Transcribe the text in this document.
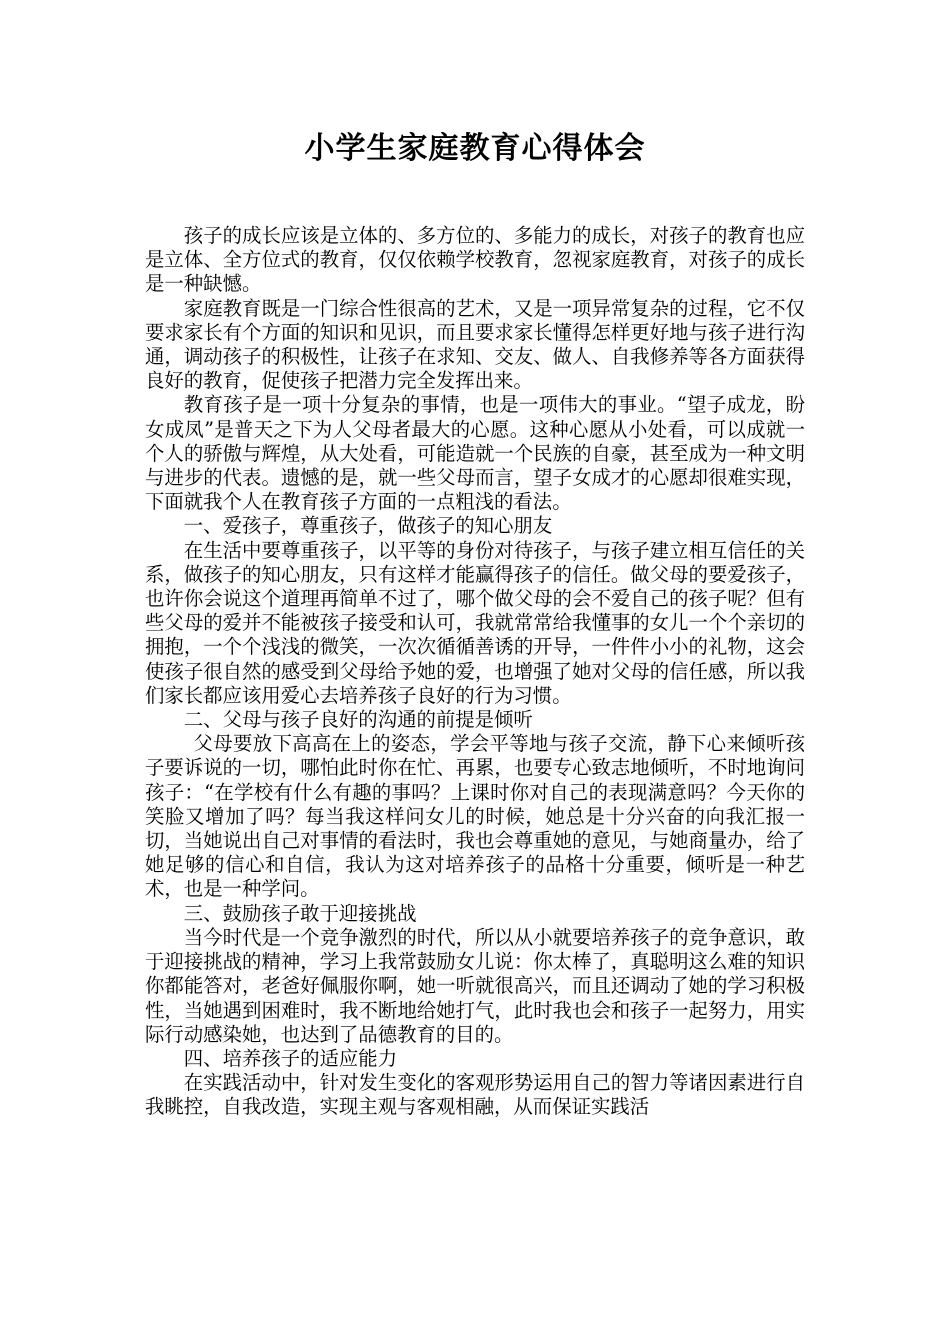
小学生家庭教育心得体会

孩子的成长应该是立体的、多方位的、多能力的成长，对孩子的教育也应是立体、全方位式的教育，仅仅依赖学校教育，忽视家庭教育，对孩子的成长是一种缺憾。

家庭教育既是一门综合性很高的艺术，又是一项异常复杂的过程，它不仅要求家长有个方面的知识和见识，而且要求家长懂得怎样更好地与孩子进行沟通，调动孩子的积极性，让孩子在求知、交友、做人、自我修养等各方面获得良好的教育，促使孩子把潜力完全发挥出来。

教育孩子是一项十分复杂的事情，也是一项伟大的事业。“望子成龙，盼女成凤”是普天之下为人父母者最大的心愿。这种心愿从小处看，可以成就一个人的骄傲与辉煌，从大处看，可能造就一个民族的自豪，甚至成为一种文明与进步的代表。遗憾的是，就一些父母而言，望子女成才的心愿却很难实现，下面就我个人在教育孩子方面的一点粗浅的看法。

一、爱孩子，尊重孩子，做孩子的知心朋友

在生活中要尊重孩子，以平等的身份对待孩子，与孩子建立相互信任的关系，做孩子的知心朋友，只有这样才能赢得孩子的信任。做父母的要爱孩子，也许你会说这个道理再简单不过了，哪个做父母的会不爱自己的孩子呢？但有些父母的爱并不能被孩子接受和认可，我就常常给我懂事的女儿一个个亲切的拥抱，一个个浅浅的微笑，一次次循循善诱的开导，一件件小小的礼物，这会使孩子很自然的感受到父母给予她的爱，也增强了她对父母的信任感，所以我们家长都应该用爱心去培养孩子良好的行为习惯。

二、父母与孩子良好的沟通的前提是倾听

父母要放下高高在上的姿态，学会平等地与孩子交流，静下心来倾听孩子要诉说的一切，哪怕此时你在忙、再累，也要专心致志地倾听，不时地询问孩子：“在学校有什么有趣的事吗？上课时你对自己的表现满意吗？今天你的笑脸又增加了吗？每当我这样问女儿的时候，她总是十分兴奋的向我汇报一切，当她说出自己对事情的看法时，我也会尊重她的意见，与她商量办，给了她足够的信心和自信，我认为这对培养孩子的品格十分重要，倾听是一种艺术，也是一种学问。

三、鼓励孩子敢于迎接挑战

当今时代是一个竞争激烈的时代，所以从小就要培养孩子的竞争意识，敢于迎接挑战的精神，学习上我常鼓励女儿说：你太棒了，真聪明这么难的知识你都能答对，老爸好佩服你啊，她一听就很高兴，而且还调动了她的学习积极性，当她遇到困难时，我不断地给她打气，此时我也会和孩子一起努力，用实际行动感染她，也达到了品德教育的目的。

四、培养孩子的适应能力

在实践活动中，针对发生变化的客观形势运用自己的智力等诸因素进行自我眺控，自我改造，实现主观与客观相融，从而保证实践活
